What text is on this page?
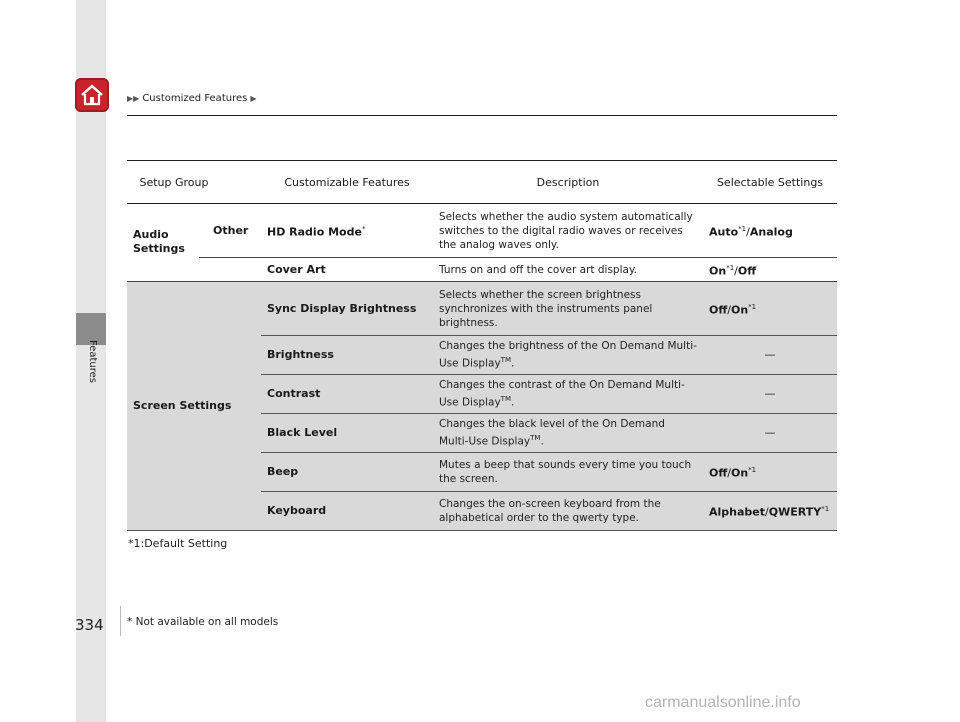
Features
▶▶ Customized Features ▶
Setup Group		Customizable Features	Description	Selectable Settings
Audio Settings	Other	HD Radio Mode*	Selects whether the audio system automatically switches to the digital radio waves or receives the analog waves only.	Auto$^{*1}$/Analog
		Cover Art	Turns on and off the cover art display.	On$^{*1}$/Off
Screen Settings		Sync Display Brightness	Selects whether the screen brightness synchronizes with the instruments panel brightness.	Off/On$^{*1}$
		Brightness	Changes the brightness of the On Demand Multi-Use Display™.	—

		Contrast	Changes the contrast of the On Demand Multi-Use Display™.	—

		Black Level	Changes the black level of the On Demand Multi-Use Display™.	—

		Beep	Mutes a beep that sounds every time you touch the screen.	Off/On$^{*1}$
		Keyboard	Changes the on-screen keyboard from the alphabetical order to the qwerty type.	Alphabet/QWERTY$^{*1}$
*1:Default Setting
334 * Not available on all models
carmanualsonline.info
